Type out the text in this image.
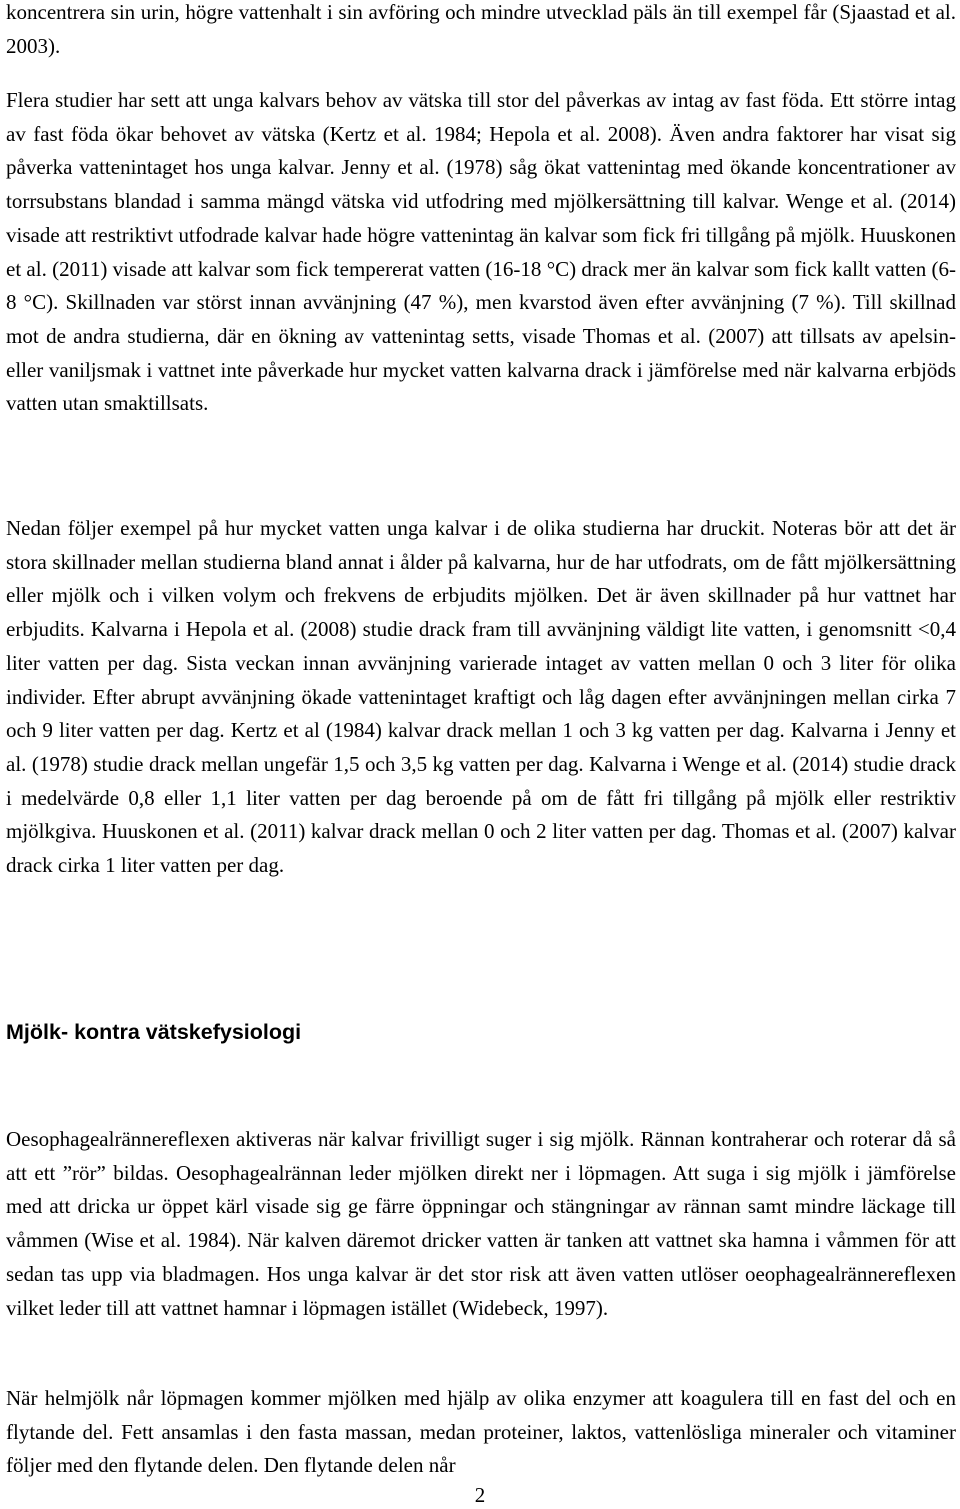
koncentrera sin urin, högre vattenhalt i sin avföring och mindre utvecklad päls än till exempel får (Sjaastad et al. 2003).

Flera studier har sett att unga kalvars behov av vätska till stor del påverkas av intag av fast föda. Ett större intag av fast föda ökar behovet av vätska (Kertz et al. 1984; Hepola et al. 2008). Även andra faktorer har visat sig påverka vattenintaget hos unga kalvar. Jenny et al. (1978) såg ökat vattenintag med ökande koncentrationer av torrsubstans blandad i samma mängd vätska vid utfodring med mjölkersättning till kalvar. Wenge et al. (2014) visade att restriktivt utfodrade kalvar hade högre vattenintag än kalvar som fick fri tillgång på mjölk. Huuskonen et al. (2011) visade att kalvar som fick tempererat vatten (16-18 °C) drack mer än kalvar som fick kallt vatten (6-8 °C). Skillnaden var störst innan avvänjning (47 %), men kvarstod även efter avvänjning (7 %). Till skillnad mot de andra studierna, där en ökning av vattenintag setts, visade Thomas et al. (2007) att tillsats av apelsin- eller vaniljsmak i vattnet inte påverkade hur mycket vatten kalvarna drack i jämförelse med när kalvarna erbjöds vatten utan smaktillsats.

Nedan följer exempel på hur mycket vatten unga kalvar i de olika studierna har druckit. Noteras bör att det är stora skillnader mellan studierna bland annat i ålder på kalvarna, hur de har utfodrats, om de fått mjölkersättning eller mjölk och i vilken volym och frekvens de erbjudits mjölken. Det är även skillnader på hur vattnet har erbjudits. Kalvarna i Hepola et al. (2008) studie drack fram till avvänjning väldigt lite vatten, i genomsnitt <0,4 liter vatten per dag. Sista veckan innan avvänjning varierade intaget av vatten mellan 0 och 3 liter för olika individer. Efter abrupt avvänjning ökade vattenintaget kraftigt och låg dagen efter avvänjningen mellan cirka 7 och 9 liter vatten per dag. Kertz et al (1984) kalvar drack mellan 1 och 3 kg vatten per dag. Kalvarna i Jenny et al. (1978) studie drack mellan ungefär 1,5 och 3,5 kg vatten per dag. Kalvarna i Wenge et al. (2014) studie drack i medelvärde 0,8 eller 1,1 liter vatten per dag beroende på om de fått fri tillgång på mjölk eller restriktiv mjölkgiva. Huuskonen et al. (2011) kalvar drack mellan 0 och 2 liter vatten per dag. Thomas et al. (2007) kalvar drack cirka 1 liter vatten per dag.

Mjölk- kontra vätskefysiologi

Oesophagealrännereflexen aktiveras när kalvar frivilligt suger i sig mjölk. Rännan kontraherar och roterar då så att ett ”rör” bildas. Oesophagealrännan leder mjölken direkt ner i löpmagen. Att suga i sig mjölk i jämförelse med att dricka ur öppet kärl visade sig ge färre öppningar och stängningar av rännan samt mindre läckage till våmmen (Wise et al. 1984). När kalven däremot dricker vatten är tanken att vattnet ska hamna i våmmen för att sedan tas upp via bladmagen. Hos unga kalvar är det stor risk att även vatten utlöser oeophagealrännereflexen vilket leder till att vattnet hamnar i löpmagen istället (Widebeck, 1997).

När helmjölk når löpmagen kommer mjölken med hjälp av olika enzymer att koagulera till en fast del och en flytande del. Fett ansamlas i den fasta massan, medan proteiner, laktos, vattenlösliga mineraler och vitaminer följer med den flytande delen. Den flytande delen når

2
